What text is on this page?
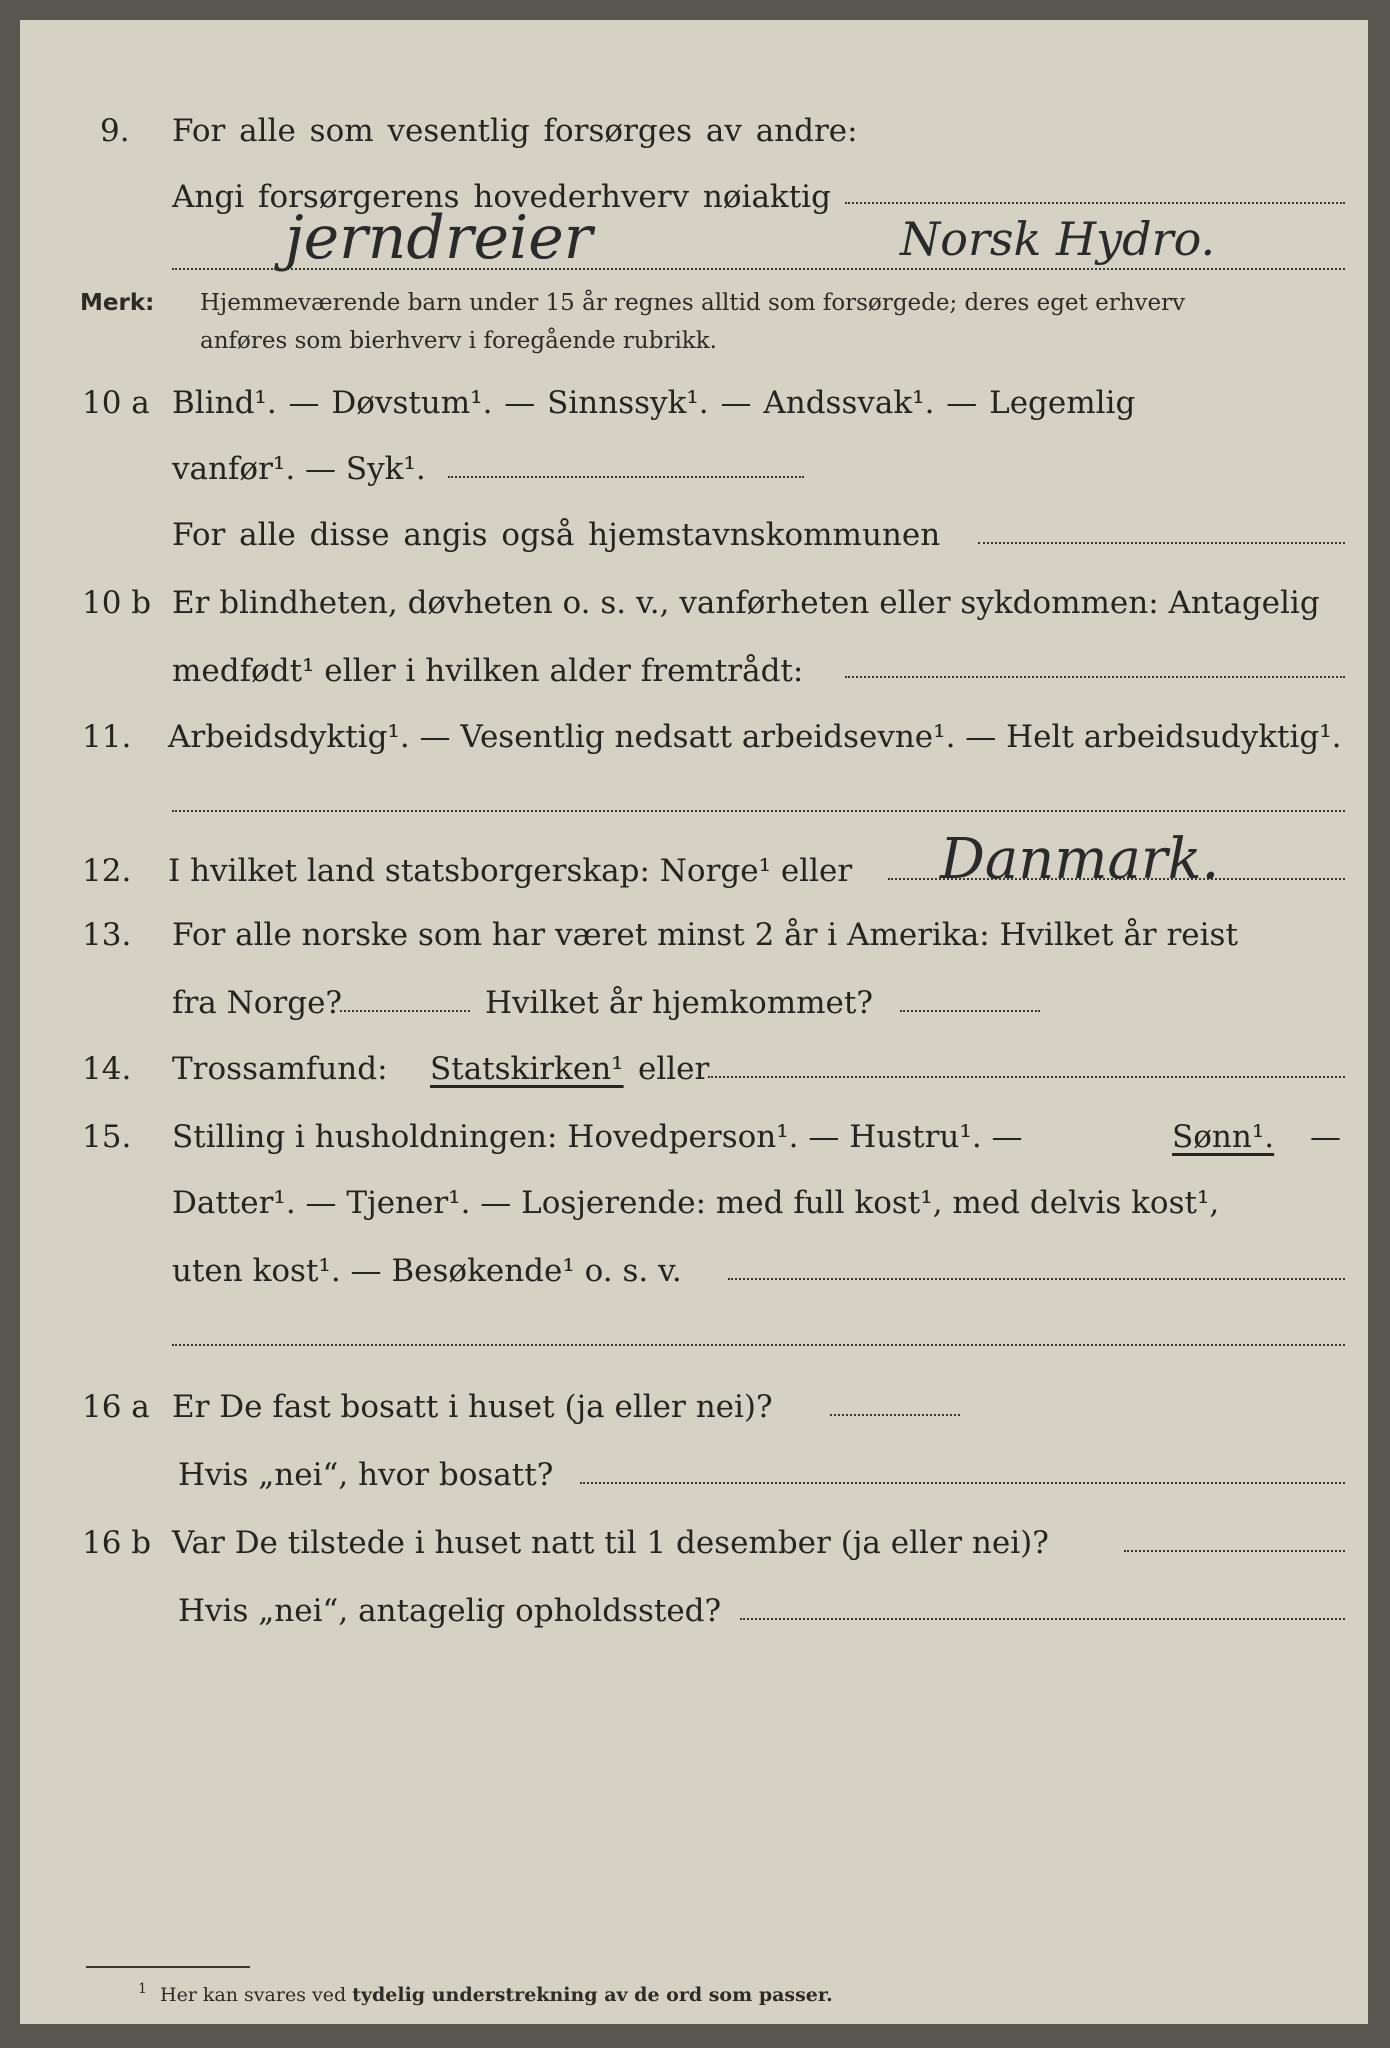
9. For alle som vesentlig forsørges av andre:
Angi forsørgerens hovederhverv nøiaktig
jerndreier	Norsk Hydro.
Merk: Hjemmeværende barn under 15 år regnes alltid som forsørgede; deres eget erhverv
anføres som bierhverv i foregående rubrikk.
10 a Blind¹. — Døvstum¹. — Sinnssyk¹. — Andssvak¹. — Legemlig
vanfør¹. — Syk¹.
For alle disse angis også hjemstavnskommunen
10 b Er blindheten, døvheten o. s. v., vanførheten eller sykdommen: Antagelig
medfødt¹ eller i hvilken alder fremtrådt:
11. Arbeidsdyktig¹. — Vesentlig nedsatt arbeidsevne¹. — Helt arbeidsudyktig¹.
12. I hvilket land statsborgerskap: Norge¹ eller Danmark.
13. For alle norske som har været minst 2 år i Amerika: Hvilket år reist
fra Norge?	Hvilket år hjemkommet?
14. Trossamfund: Statskirken¹ eller
15. Stilling i husholdningen: Hovedperson¹. — Hustru¹. —	Sønn¹. —
Datter¹. — Tjener¹. — Losjerende: med full kost¹, med delvis kost¹,
uten kost¹. — Besøkende¹ o. s. v.
16 a Er De fast bosatt i huset (ja eller nei)?
Hvis „nei“, hvor bosatt?
16 b Var De tilstede i huset natt til 1 desember (ja eller nei)?
Hvis „nei“, antagelig opholdssted?
1 Her kan svares ved tydelig understrekning av de ord som passer.
